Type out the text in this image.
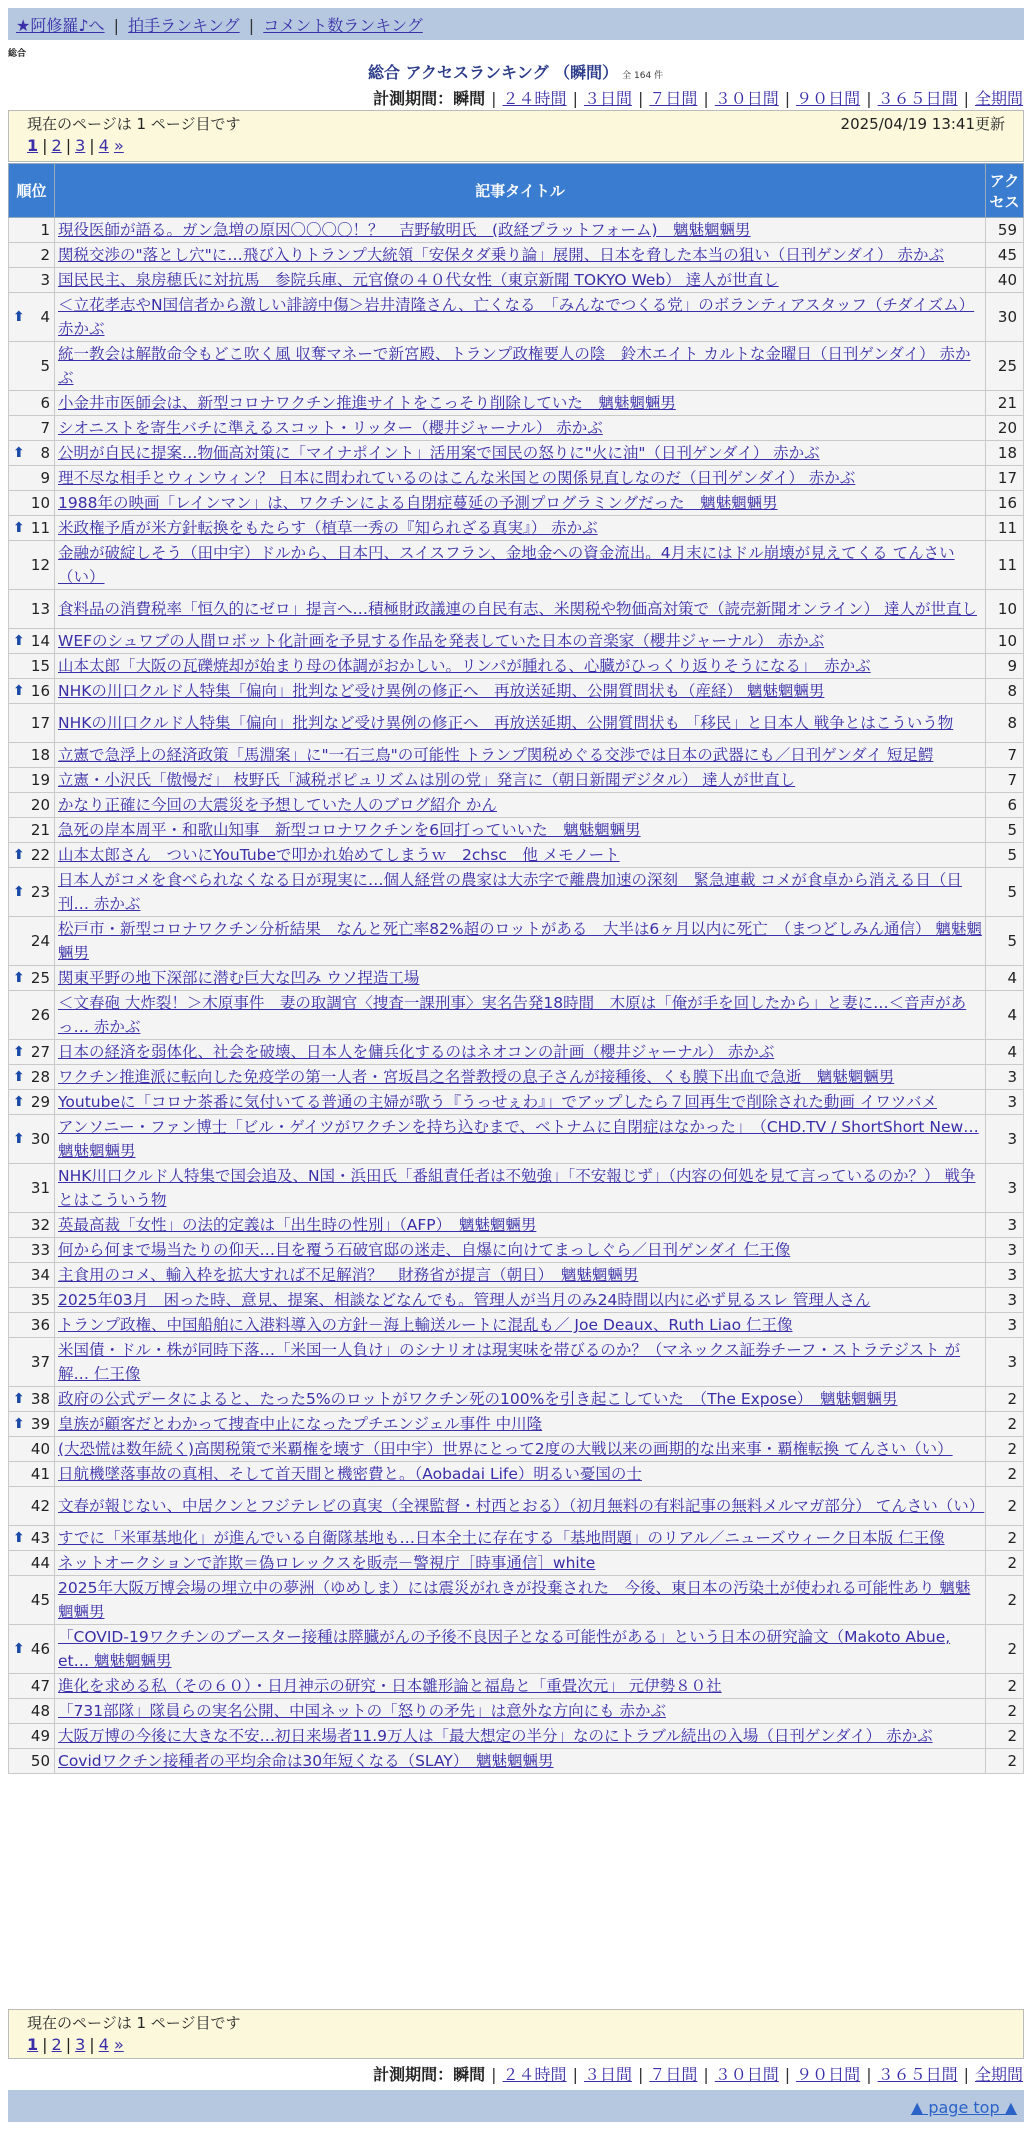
★阿修羅♪へ | 拍手ランキング | コメント数ランキング
総合
総合 アクセスランキング （瞬間） 全 164 件
計測期間：瞬間 | ２４時間 | ３日間 | ７日間 | ３０日間 | ９０日間 | ３６５日間 | 全期間
現在のページは 1 ページ目です	2025/04/19 13:41更新
1 | 2 | 3 | 4 »
順位	記事タイトル	アクセス
1	現役医師が語る。ガン急増の原因〇〇〇〇！？　吉野敏明氏　(政経プラットフォーム)　魑魅魍魎男	59
2	関税交渉の"落とし穴"に…飛び入りトランプ大統領「安保タダ乗り論」展開、日本を脅した本当の狙い（日刊ゲンダイ） 赤かぶ	45
3	国民民主、泉房穂氏に対抗馬　参院兵庫、元官僚の４０代女性（東京新聞 TOKYO Web） 達人が世直し	40

⬆ 4	＜立花孝志やN国信者から激しい誹謗中傷＞岩井清隆さん、亡くなる　「みんなでつくる党」のボランティアスタッフ（チダイズム） 赤かぶ	30
5	統一教会は解散命令もどこ吹く風 収奪マネーで新宮殿、トランプ政権要人の陰　鈴木エイト カルトな金曜日（日刊ゲンダイ） 赤かぶ	25
6	小金井市医師会は、新型コロナワクチン推進サイトをこっそり削除していた　魑魅魍魎男	21
7	シオニストを寄生バチに準えるスコット・リッター（櫻井ジャーナル） 赤かぶ	20

⬆ 8	公明が自民に提案…物価高対策に「マイナポイント」活用案で国民の怒りに"火に油"（日刊ゲンダイ） 赤かぶ	18
9	理不尽な相手とウィンウィン？ 日本に問われているのはこんな米国との関係見直しなのだ（日刊ゲンダイ） 赤かぶ	17
10	1988年の映画「レインマン」は、ワクチンによる自閉症蔓延の予測プログラミングだった　魑魅魍魎男	16

⬆ 11	米政権予盾が米方針転換をもたらす（植草一秀の『知られざる真実』） 赤かぶ	11
12	金融が破綻しそう（田中宇）ドルから、日本円、スイスフラン、金地金への資金流出。4月末にはドル崩壊が見えてくる てんさい（い）	11
13	食料品の消費税率「恒久的にゼロ」提言へ…積極財政議連の自民有志、米関税や物価高対策で（読売新聞オンライン） 達人が世直し	10

⬆ 14	WEFのシュワブの人間ロボット化計画を予見する作品を発表していた日本の音楽家（櫻井ジャーナル） 赤かぶ	10
15	山本太郎「大阪の瓦礫焼却が始まり母の体調がおかしい。リンパが腫れる、心臓がひっくり返りそうになる」　赤かぶ	9

⬆ 16	NHKの川口クルド人特集「偏向」批判など受け異例の修正へ　再放送延期、公開質問状も（産経） 魑魅魍魎男	8
17	NHKの川口クルド人特集「偏向」批判など受け異例の修正へ　再放送延期、公開質問状も 「移民」と日本人 戦争とはこういう物	8
18	立憲で急浮上の経済政策「馬淵案」に"一石三鳥"の可能性 トランプ関税めぐる交渉では日本の武器にも／日刊ゲンダイ 短足鰐	7
19	立憲・小沢氏「傲慢だ」 枝野氏「減税ポピュリズムは別の党」発言に（朝日新聞デジタル） 達人が世直し	7
20	かなり正確に今回の大震災を予想していた人のブログ紹介 かん	6
21	急死の岸本周平・和歌山知事　新型コロナワクチンを6回打っていいた　魑魅魍魎男	5

⬆ 22	山本太郎さん　ついにYouTubeで叩かれ始めてしまうｗ　2chsc　他 メモノート	5

⬆ 23	日本人がコメを食べられなくなる日が現実に…個人経営の農家は大赤字で離農加速の深刻　緊急連載 コメが食卓から消える日（日刊… 赤かぶ	5
24	松戸市・新型コロナワクチン分析結果　なんと死亡率82%超のロットがある　大半は6ヶ月以内に死亡　（まつどしみん通信） 魑魅魍魎男	5

⬆ 25	関東平野の地下深部に潜む巨大な凹み ウソ捏造工場	4
26	＜文春砲 大炸裂！＞木原事件　妻の取調官〈捜査一課刑事〉実名告発18時間　木原は「俺が手を回したから」と妻に…＜音声があっ… 赤かぶ	4

⬆ 27	日本の経済を弱体化、社会を破壊、日本人を傭兵化するのはネオコンの計画（櫻井ジャーナル） 赤かぶ	4

⬆ 28	ワクチン推進派に転向した免疫学の第一人者・宮坂昌之名誉教授の息子さんが接種後、くも膜下出血で急逝　魑魅魍魎男	3

⬆ 29	Youtubeに「コロナ茶番に気付いてる普通の主婦が歌う『うっせぇわ』」でアップしたら７回再生で削除された動画 イワツバメ	3

⬆ 30	アンソニー・ファン博士「ビル・ゲイツがワクチンを持ち込むまで、ベトナムに自閉症はなかった」　（CHD.TV / ShortShort New… 魑魅魍魎男	3
31	NHK川口クルド人特集で国会追及、N国・浜田氏「番組責任者は不勉強」「不安報じず」（内容の何処を見て言っているのか？） 戦争とはこういう物	3
32	英最高裁「女性」の法的定義は「出生時の性別」（AFP）　魑魅魍魎男	3
33	何から何まで場当たりの仰天…目を覆う石破官邸の迷走、自爆に向けてまっしぐら／日刊ゲンダイ 仁王像	3
34	主食用のコメ、輸入枠を拡大すれば不足解消？　財務省が提言（朝日）　魑魅魍魎男	3
35	2025年03月　困った時、意見、提案、相談などなんでも。管理人が当月のみ24時間以内に必ず見るスレ 管理人さん	3
36	トランプ政権、中国船舶に入港料導入の方針－海上輸送ルートに混乱も／ Joe Deaux、Ruth Liao 仁王像	3
37	米国債・ドル・株が同時下落…「米国一人負け」のシナリオは現実味を帯びるのか？（マネックス証券チーフ・ストラテジスト が解… 仁王像	3

⬆ 38	政府の公式データによると、たった5%のロットがワクチン死の100%を引き起こしていた　（The Expose）　魑魅魍魎男	2

⬆ 39	皇族が顧客だとわかって捜査中止になったプチエンジェル事件 中川隆	2
40	(大恐慌は数年続く)高関税策で米覇権を壊す（田中宇）世界にとって2度の大戦以来の画期的な出来事・覇権転換 てんさい（い）	2
41	日航機墜落事故の真相、そして首天間と機密費と。（Aobadai Life）明るい憂国の士	2
42	文春が報じない、中居クンとフジテレビの真実（全裸監督・村西とおる）（初月無料の有料記事の無料メルマガ部分） てんさい（い）	2

⬆ 43	すでに「米軍基地化」が進んでいる自衛隊基地も…日本全土に存在する「基地問題」のリアル／ニューズウィーク日本版 仁王像	2
44	ネットオークションで詐欺＝偽ロレックスを販売－警視庁［時事通信］white	2
45	2025年大阪万博会場の埋立中の夢洲（ゆめしま）には震災がれきが投棄された　今後、東日本の汚染土が使われる可能性あり 魑魅魍魎男	2

⬆ 46	「COVID-19ワクチンのブースター接種は膵臓がんの予後不良因子となる可能性がある」という日本の研究論文（Makoto Abue, et… 魑魅魍魎男	2
47	進化を求める私（その６０）・日月神示の研究・日本雛形論と福島と「重畳次元」 元伊勢８０社	2
48	「731部隊」隊員らの実名公開、中国ネットの「怒りの矛先」は意外な方向にも 赤かぶ	2
49	大阪万博の今後に大きな不安…初日来場者11.9万人は「最大想定の半分」なのにトラブル続出の入場（日刊ゲンダイ） 赤かぶ	2
50	Covidワクチン接種者の平均余命は30年短くなる（SLAY）　魑魅魍魎男	2
現在のページは 1 ページ目です
1 | 2 | 3 | 4 »
計測期間：瞬間 | ２４時間 | ３日間 | ７日間 | ３０日間 | ９０日間 | ３６５日間 | 全期間
▲ page top ▲
